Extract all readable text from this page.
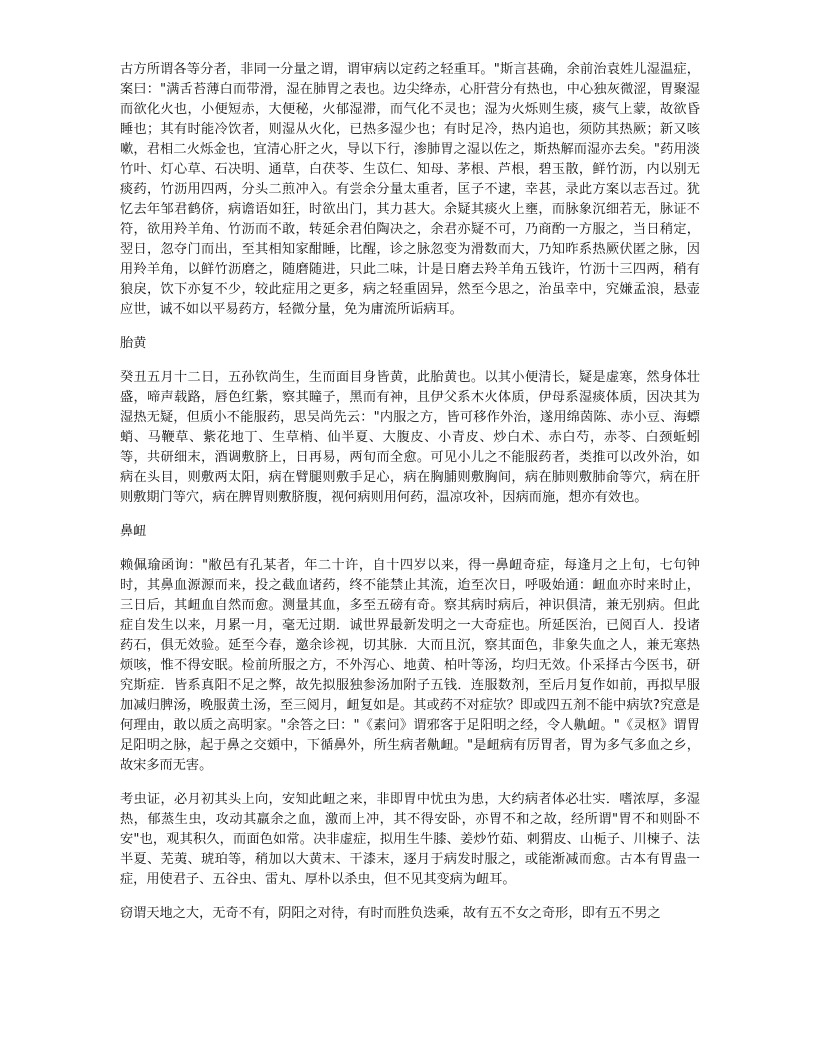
古方所谓各等分者，非同一分量之谓，谓审病以定药之轻重耳。"斯言甚确，余前治袁姓儿湿温症，案曰："满舌苔薄白而带滑，湿在肺胃之表也。边尖绛赤，心肝营分有热也，中心独灰微涩，胃聚湿而欲化火也，小便短赤，大便秘，火郁湿滞，而气化不灵也；湿为火烁则生痰，痰气上蒙，故欲昏睡也；其有时能冷饮者，则湿从火化，已热多湿少也；有时足冷，热内追也，须防其热厥；新又咳嗽，君相二火烁金也，宜清心肝之火，导以下行，渗肺胃之湿以佐之，斯热解而湿亦去矣。"药用淡竹叶、灯心草、石决明、通草，白茯苓、生苡仁、知母、茅根、芦根，碧玉散，鲜竹沥，内以别无痰药，竹沥用四两，分头二煎冲入。有尝余分量太重者，匡子不逮，幸甚，录此方案以志吾过。犹忆去年邹君鹤侪，病谵语如狂，时欲出门，其力甚大。余疑其痰火上壅，而脉象沉细若无，脉证不符，欲用羚羊角、竹沥而不敢，转延余君伯陶决之，余君亦疑不可，乃商酌一方服之，当日稍定，翌日，忽夺门而出，至其相知家酣睡，比醒，诊之脉忽变为滑数而大，乃知昨系热厥伏匿之脉，因用羚羊角，以鲜竹沥磨之，随磨随进，只此二味，计是日磨去羚羊角五钱许，竹沥十三四两，稍有狼戾，饮下亦复不少，较此症用之更多，病之轻重固异，然至今思之，治虽幸中，究嫌孟浪，悬壶应世，诚不如以平易药方，轻微分量，免为庸流所诟病耳。

胎黄

癸丑五月十二日，五孙钦尚生，生而面目身皆黄，此胎黄也。以其小便清长，疑是虚寒，然身体壮盛，啼声载路，唇色红紫，察其瞳子，黑而有神，且伊父系木火体质，伊母系湿痰体质，因决其为湿热无疑，但质小不能服药，思吴尚先云："内服之方，皆可移作外治，遂用绵茵陈、赤小豆、海螵蛸、马鞭草、紫花地丁、生草梢、仙半夏、大腹皮、小青皮、炒白术、赤白芍，赤苓、白颈蚯蚓等，共研细末，酒调敷脐上，日再易，两旬而全愈。可见小儿之不能服药者，类推可以改外治，如病在头目，则敷两太阳，病在臂腿则敷手足心，病在胸脯则敷胸间，病在肺则敷肺俞等穴，病在肝则敷期门等穴，病在脾胃则敷脐腹，视何病则用何药，温凉攻补，因病而施，想亦有效也。

鼻衄

赖佩瑜函询："敝邑有孔某者，年二十许，自十四岁以来，得一鼻衄奇症，每逢月之上旬，七句钟时，其鼻血源源而来，投之截血诸药，终不能禁止其流，迨至次日，呼吸始通：衄血亦时来时止，三日后，其衄血自然而愈。测量其血，多至五磅有奇。察其病时病后，神识俱清，兼无别病。但此症自发生以来，月累一月，毫无过期．诚世界最新发明之一大奇症也。所延医治，已阅百人．投诸药石，俱无效验。延至今春，邀余诊视，切其脉．大而且沉，察其面色，非象失血之人，兼无寒热烦咳，惟不得安眠。检前所服之方，不外泻心、地黄、柏叶等汤，均归无效。仆采择古今医书，研究斯症．皆系真阳不足之弊，故先拟服独参汤加附子五钱．连服数剂，至后月复作如前，再拟早服加减归脾汤，晚服黄土汤，至三阅月，衄复如是。其或药不对症欤？即或四五剂不能中病欤?究意是何理由，敢以质之高明家。"余答之曰："《素问》谓邪客于足阳明之经，令人鼽衄。"《灵枢》谓胃足阳明之脉，起于鼻之交頞中，下循鼻外，所生病者鼽衄。"是衄病有厉胃者，胃为多气多血之乡，故宋多而无害。

考虫证，必月初其头上向，安知此衄之来，非即胃中忧虫为患，大约病者体必壮实．嗜浓厚，多湿热，郁蒸生虫，攻动其羸余之血，激而上冲，其不得安卧，亦胃不和之故，经所谓"胃不和则卧不安"也，观其积久，而面色如常。决非虚症，拟用生牛膝、姜炒竹茹、刺猬皮、山栀子、川楝子、法半夏、芜荑、琥珀等，稍加以大黄末、干漆末，逐月于病发时服之，或能渐减而愈。古本有胃蛊一症，用使君子、五谷虫、雷丸、厚朴以杀虫，但不见其变病为衄耳。

窃谓天地之大，无奇不有，阴阳之对待，有时而胜负迭乘，故有五不女之奇形，即有五不男之
